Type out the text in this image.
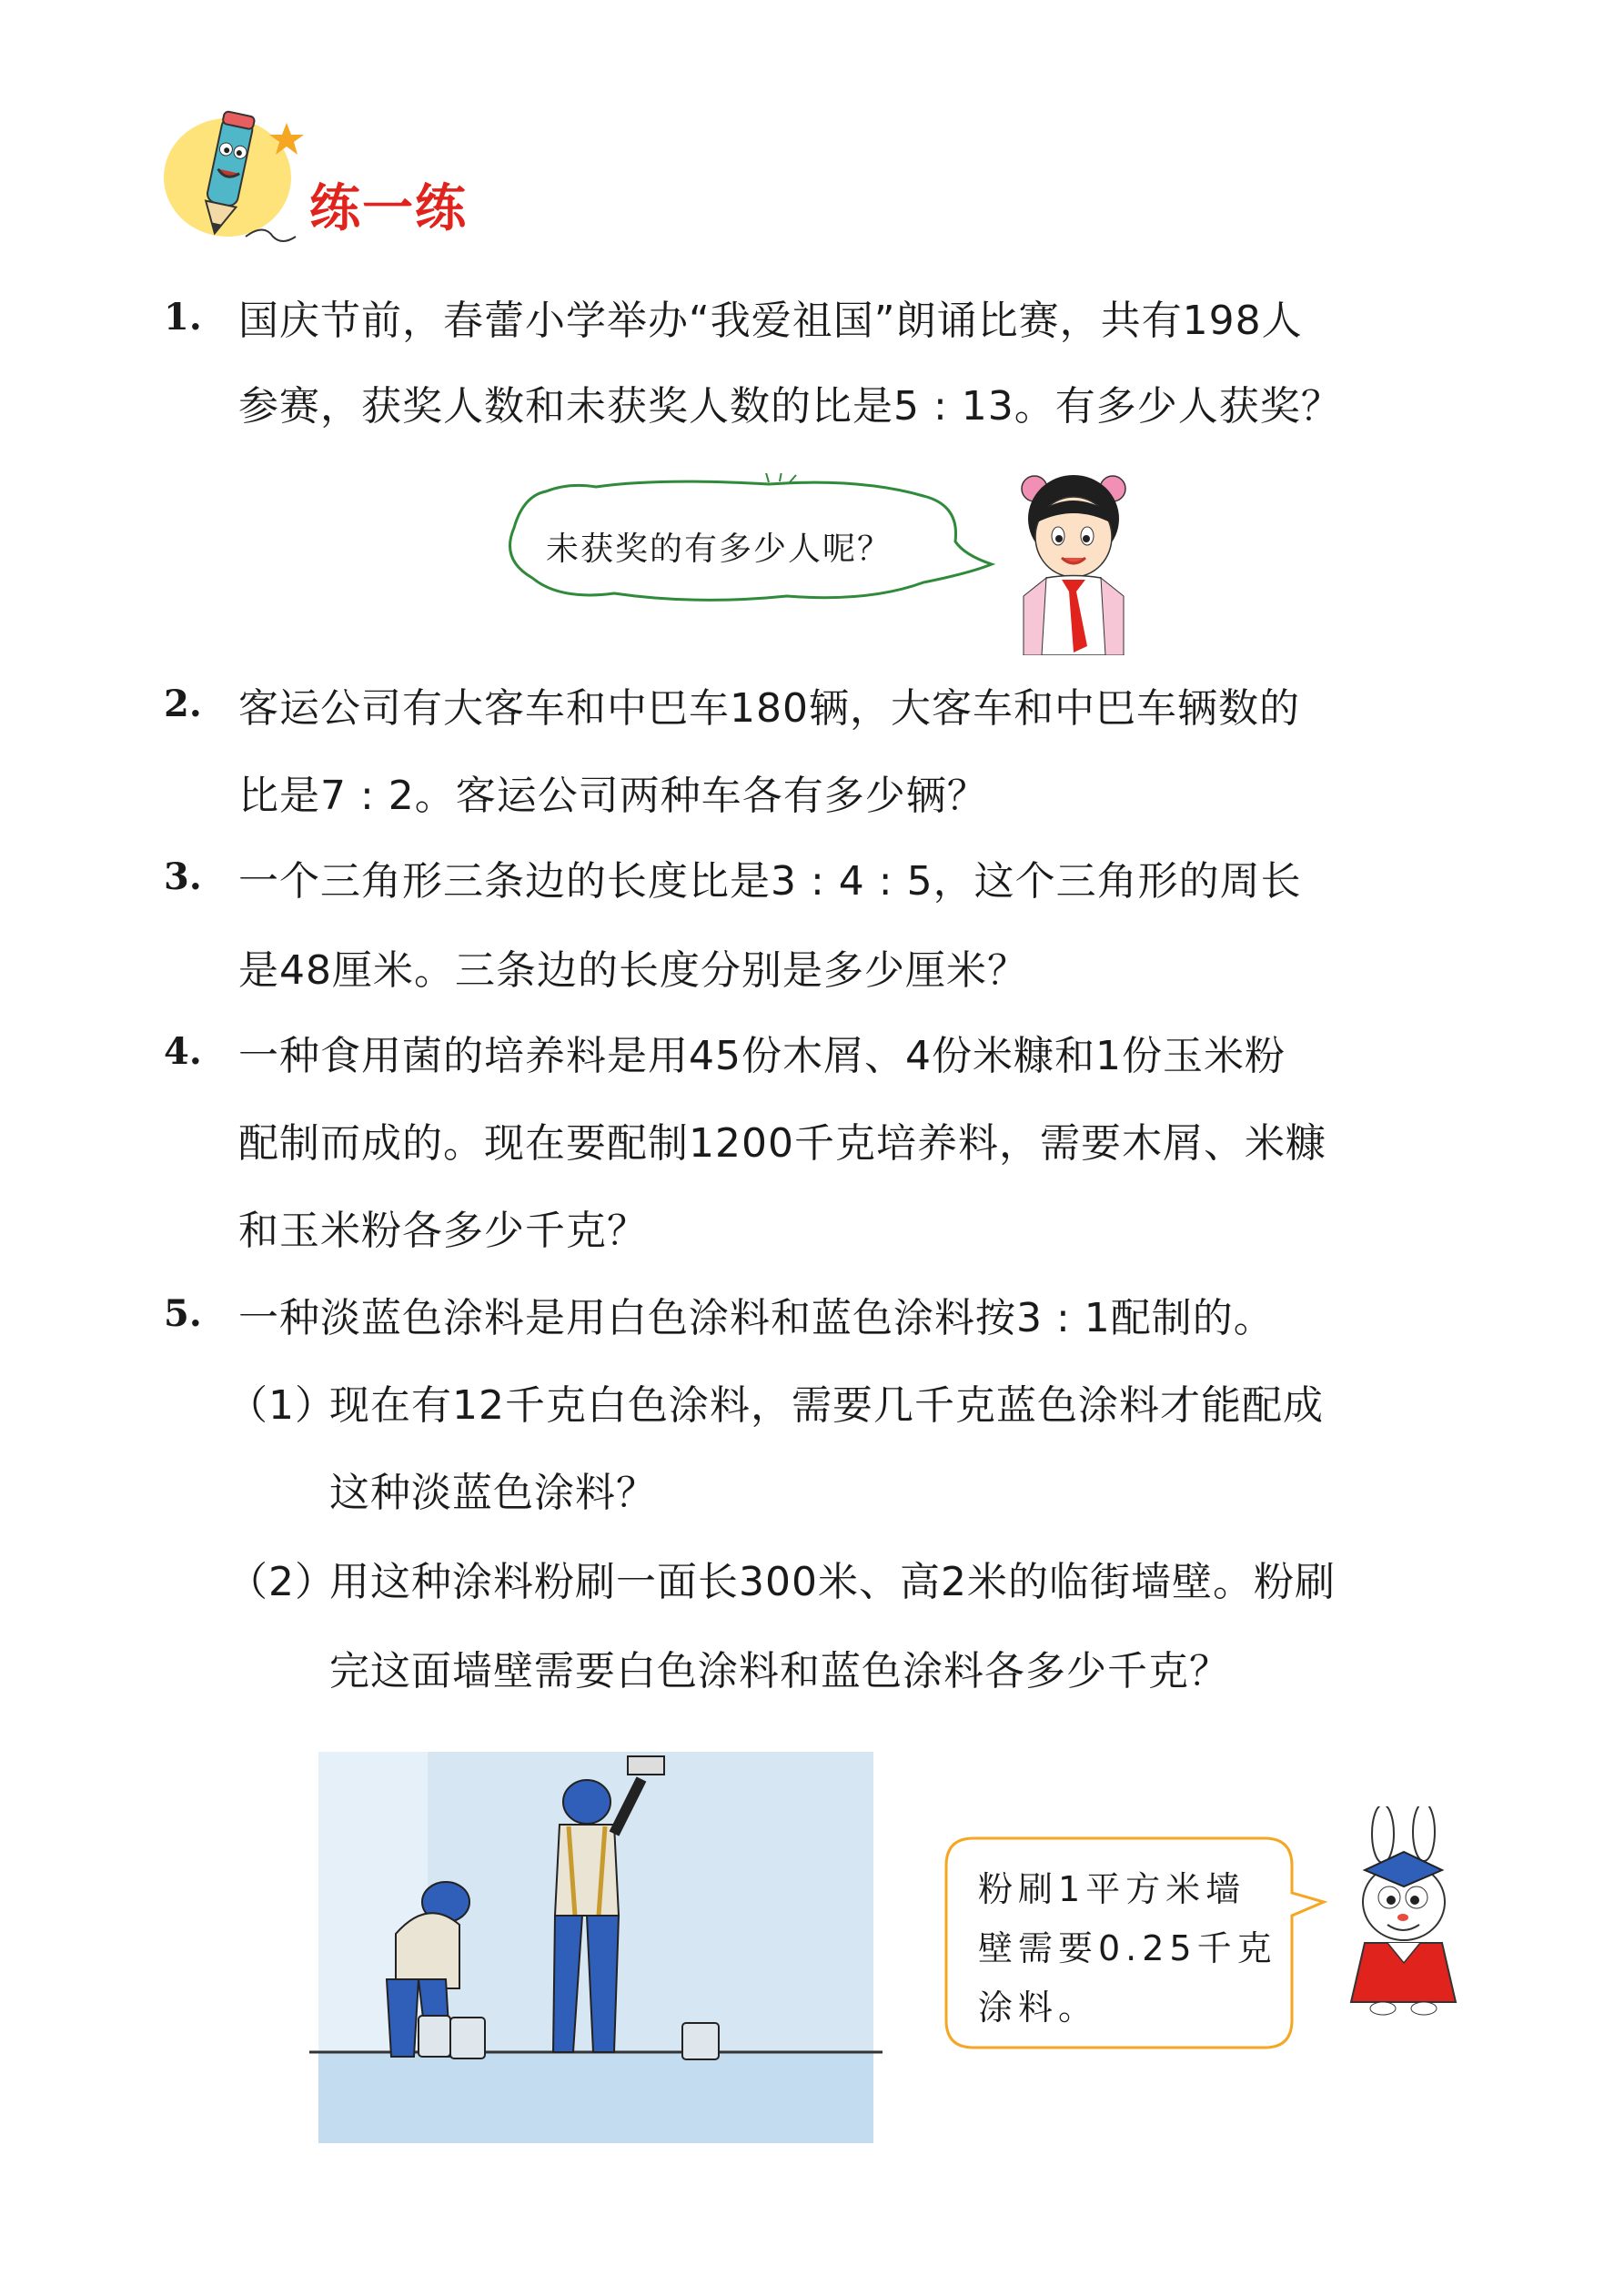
练一练
1. 国庆节前，春蕾小学举办“我爱祖国”朗诵比赛，共有198人
参赛，获奖人数和未获奖人数的比是5 : 13。有多少人获奖？
未获奖的有多少人呢？
2. 客运公司有大客车和中巴车180辆，大客车和中巴车辆数的
比是7 : 2。客运公司两种车各有多少辆？
3. 一个三角形三条边的长度比是3 : 4 : 5，这个三角形的周长
是48厘米。三条边的长度分别是多少厘米？
4. 一种食用菌的培养料是用45份木屑、4份米糠和1份玉米粉
配制而成的。现在要配制1200千克培养料，需要木屑、米糠
和玉米粉各多少千克？
5. 一种淡蓝色涂料是用白色涂料和蓝色涂料按3 : 1配制的。
（1）
现在有12千克白色涂料，需要几千克蓝色涂料才能配成
这种淡蓝色涂料？
（2）
用这种涂料粉刷一面长300米、高2米的临街墙壁。粉刷
完这面墙壁需要白色涂料和蓝色涂料各多少千克？
粉刷1平方米墙
壁需要0.25千克
涂料。
